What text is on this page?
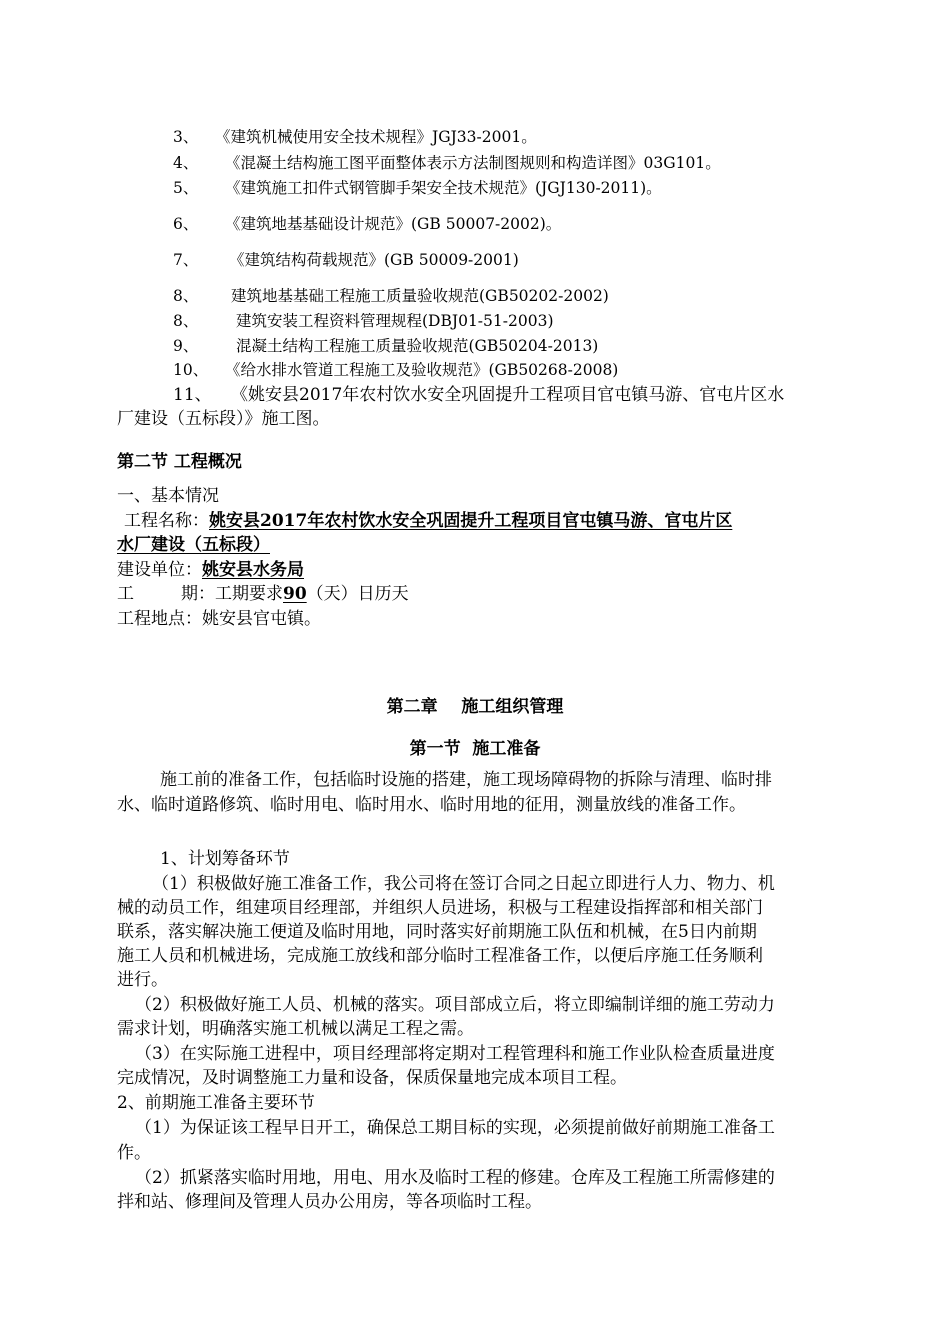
3、 《建筑机械使用安全技术规程》JGJ33-2001。
4、 《混凝土结构施工图平面整体表示方法制图规则和构造详图》03G101。
5、 《建筑施工扣件式钢管脚手架安全技术规范》(JGJ130-2011)。
6、 《建筑地基基础设计规范》(GB 50007-2002)。
7、 《建筑结构荷载规范》(GB 50009-2001)
8、 建筑地基基础工程施工质量验收规范(GB50202-2002)
8、 建筑安装工程资料管理规程(DBJ01-51-2003)
9、 混凝土结构工程施工质量验收规范(GB50204-2013)
10、 《给水排水管道工程施工及验收规范》(GB50268-2008)
11、 《姚安县2017年农村饮水安全巩固提升工程项目官屯镇马游、官屯片区水
厂建设（五标段）》施工图。
第二节 工程概况
一、基本情况
工程名称：姚安县2017年农村饮水安全巩固提升工程项目官屯镇马游、官屯片区
水厂建设（五标段）
建设单位：姚安县水务局
工	期：工期要求90（天）日历天
工程地点：姚安县官屯镇。
第二章    施工组织管理
第一节  施工准备
施工前的准备工作，包括临时设施的搭建，施工现场障碍物的拆除与清理、临时排
水、临时道路修筑、临时用电、临时用水、临时用地的征用，测量放线的准备工作。
1、计划筹备环节
（1）积极做好施工准备工作，我公司将在签订合同之日起立即进行人力、物力、机
械的动员工作，组建项目经理部，并组织人员进场，积极与工程建设指挥部和相关部门
联系，落实解决施工便道及临时用地，同时落实好前期施工队伍和机械，在5日内前期
施工人员和机械进场，完成施工放线和部分临时工程准备工作，以便后序施工任务顺利
进行。
（2）积极做好施工人员、机械的落实。项目部成立后，将立即编制详细的施工劳动力
需求计划，明确落实施工机械以满足工程之需。
（3）在实际施工进程中，项目经理部将定期对工程管理科和施工作业队检查质量进度
完成情况，及时调整施工力量和设备，保质保量地完成本项目工程。
2、前期施工准备主要环节
（1）为保证该工程早日开工，确保总工期目标的实现，必须提前做好前期施工准备工
作。
（2）抓紧落实临时用地，用电、用水及临时工程的修建。仓库及工程施工所需修建的
拌和站、修理间及管理人员办公用房，等各项临时工程。
